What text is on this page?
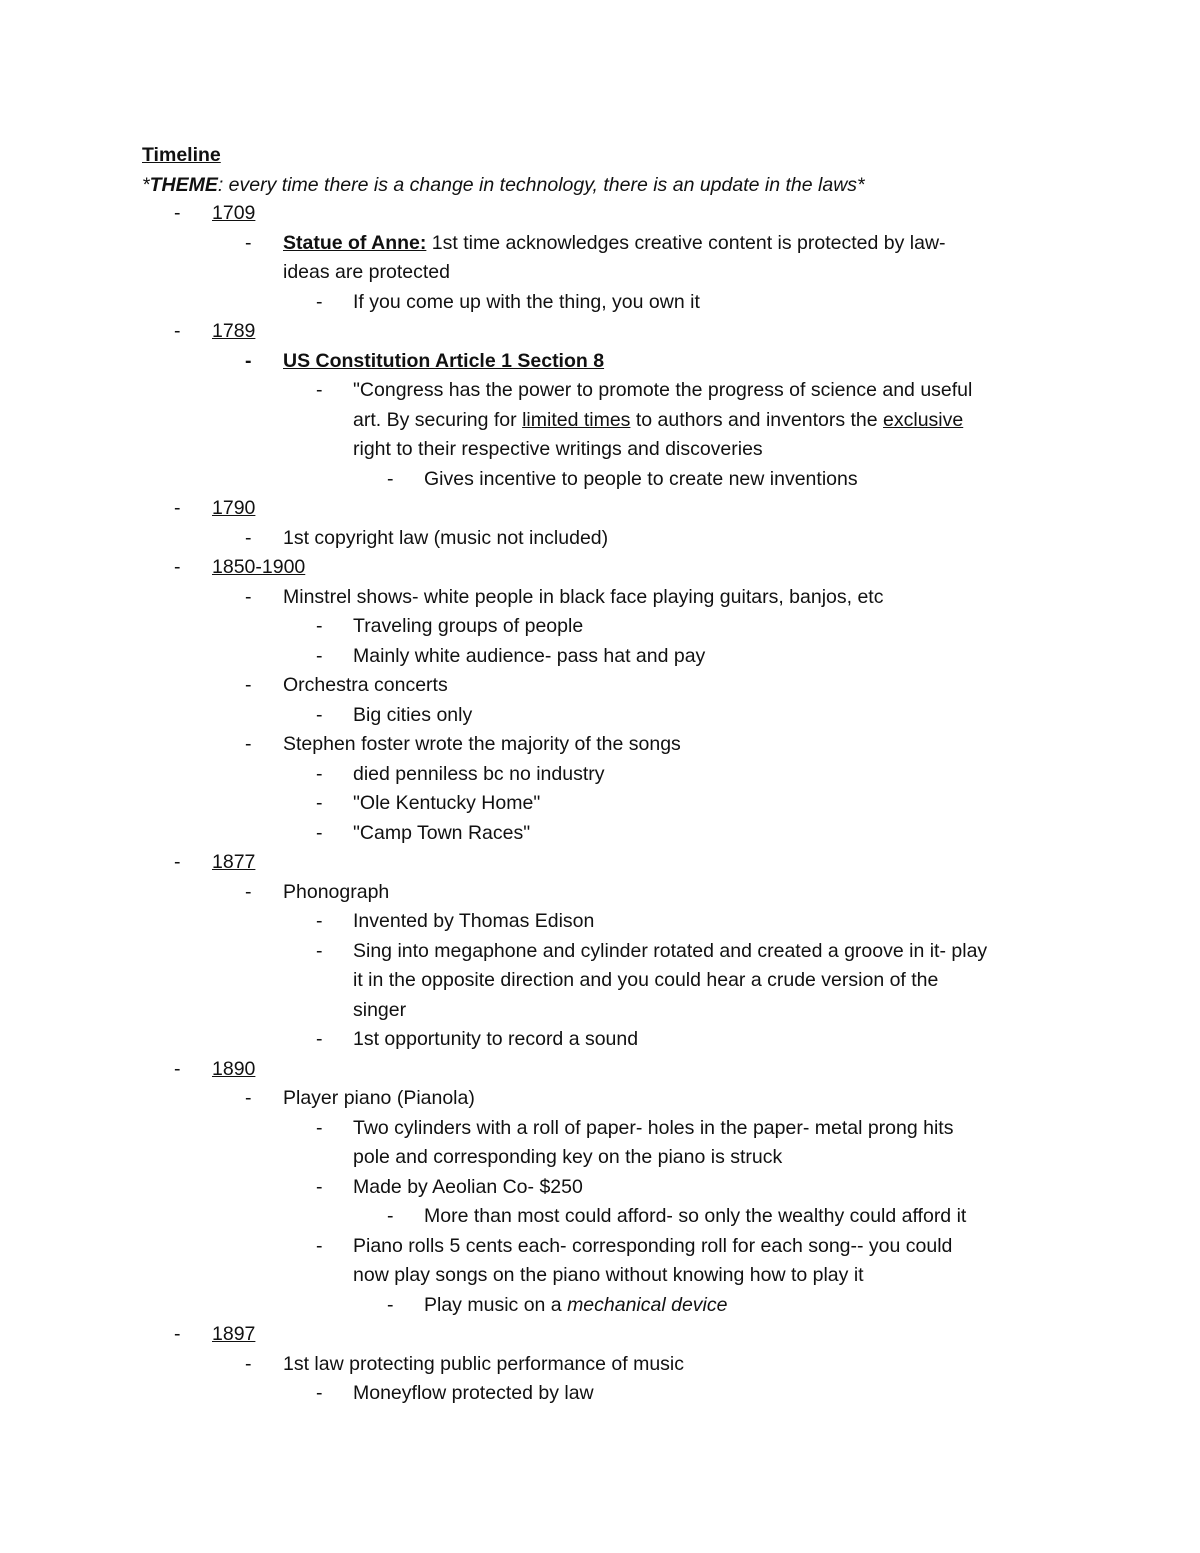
Timeline
*THEME: every time there is a change in technology, there is an update in the laws*
-	1709
-	Statue of Anne: 1st time acknowledges creative content is protected by law-
ideas are protected
-	If you come up with the thing, you own it
-	1789
-	US Constitution Article 1 Section 8
-	"Congress has the power to promote the progress of science and useful
art. By securing for limited times to authors and inventors the exclusive
right to their respective writings and discoveries
-	Gives incentive to people to create new inventions
-	1790
-	1st copyright law (music not included)
-	1850-1900
-	Minstrel shows- white people in black face playing guitars, banjos, etc
-	Traveling groups of people
-	Mainly white audience- pass hat and pay
-	Orchestra concerts
-	Big cities only
-	Stephen foster wrote the majority of the songs
-	died penniless bc no industry
-	"Ole Kentucky Home"
-	"Camp Town Races"
-	1877
-	Phonograph
-	Invented by Thomas Edison
-	Sing into megaphone and cylinder rotated and created a groove in it- play
it in the opposite direction and you could hear a crude version of the
singer
-	1st opportunity to record a sound
-	1890
-	Player piano (Pianola)
-	Two cylinders with a roll of paper- holes in the paper- metal prong hits
pole and corresponding key on the piano is struck
-	Made by Aeolian Co- $250
-	More than most could afford- so only the wealthy could afford it
-	Piano rolls 5 cents each- corresponding roll for each song-- you could
now play songs on the piano without knowing how to play it
-	Play music on a mechanical device
-	1897
-	1st law protecting public performance of music
-	Moneyflow protected by law
